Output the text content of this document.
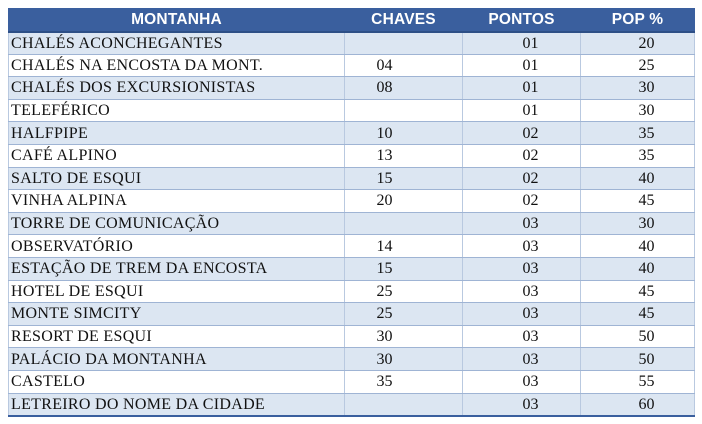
MONTANHA	CHAVES	PONTOS	POP %
CHALÉS ACONCHEGANTES		01	20
CHALÉS NA ENCOSTA DA MONT.	04	01	25
CHALÉS DOS EXCURSIONISTAS	08	01	30
TELEFÉRICO		01	30
HALFPIPE	10	02	35
CAFÉ ALPINO	13	02	35
SALTO DE ESQUI	15	02	40
VINHA ALPINA	20	02	45
TORRE DE COMUNICAÇÃO		03	30
OBSERVATÓRIO	14	03	40
ESTAÇÃO DE TREM DA ENCOSTA	15	03	40
HOTEL DE ESQUI	25	03	45
MONTE SIMCITY	25	03	45
RESORT DE ESQUI	30	03	50
PALÁCIO DA MONTANHA	30	03	50
CASTELO	35	03	55
LETREIRO DO NOME DA CIDADE		03	60
